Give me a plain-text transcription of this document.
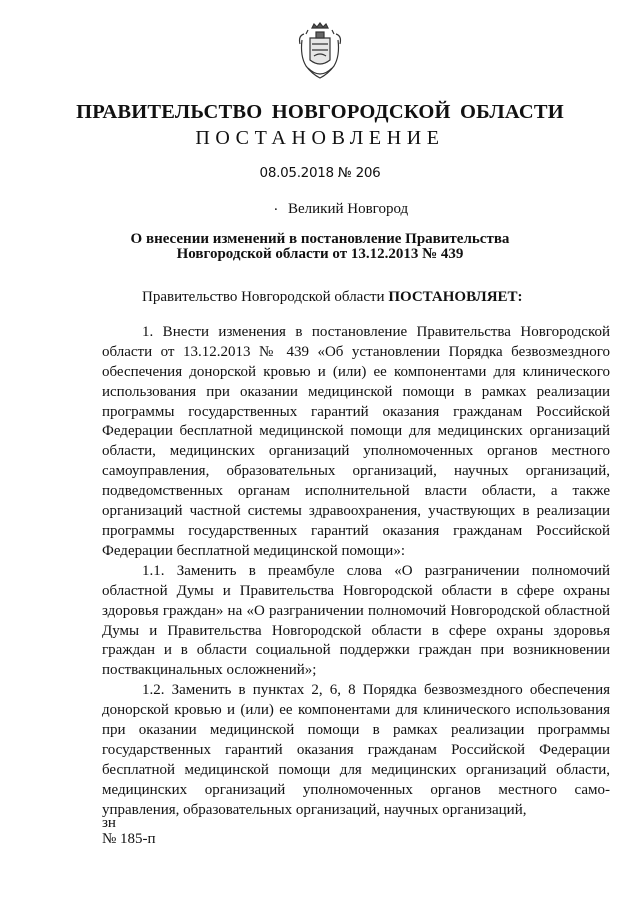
ПРАВИТЕЛЬСТВО НОВГОРОДСКОЙ ОБЛАСТИ
ПОСТАНОВЛЕНИЕ
08.05.2018 № 206
. Великий Новгород
О внесении изменений в постановление Правительства
Новгородской области от 13.12.2013 № 439

Правительство Новгородской области ПОСТАНОВЛЯЕТ:

1. Внести изменения в постановление Правительства Новгородской области от 13.12.2013 № 439 «Об установлении Порядка безвозмездного обеспечения донорской кровью и (или) ее компонентами для клинического использования при оказании медицинской помощи в рамках реализации программы государственных гарантий оказания гражданам Российской Федерации бесплатной медицинской помощи для медицинских организаций области, медицинских организаций уполномоченных органов местного самоуправления, образовательных организаций, научных организаций, подведомственных органам исполнительной власти области, а также организаций частной системы здравоохранения, участвующих в реализации программы государственных гарантий оказания гражданам Российской Федерации бесплатной медицинской помощи»:

1.1. Заменить в преамбуле слова «О разграничении полномочий областной Думы и Правительства Новгородской области в сфере охраны здоровья граждан» на «О разграничении полномочий Новгородской областной Думы и Правительства Новгородской области в сфере охраны здоровья граждан и в области социальной поддержки граждан при возникновении поствакцинальных осложнений»;

1.2. Заменить в пунктах 2, 6, 8 Порядка безвозмездного обеспечения донорской кровью и (или) ее компонентами для клинического использования при оказании медицинской помощи в рамках реализации программы государственных гарантий оказания гражданам Российской Федерации бесплатной медицинской помощи для медицинских организаций области, медицинских организаций уполномоченных органов местного само-управления, образовательных организаций, научных организаций,

зн
№ 185-п
